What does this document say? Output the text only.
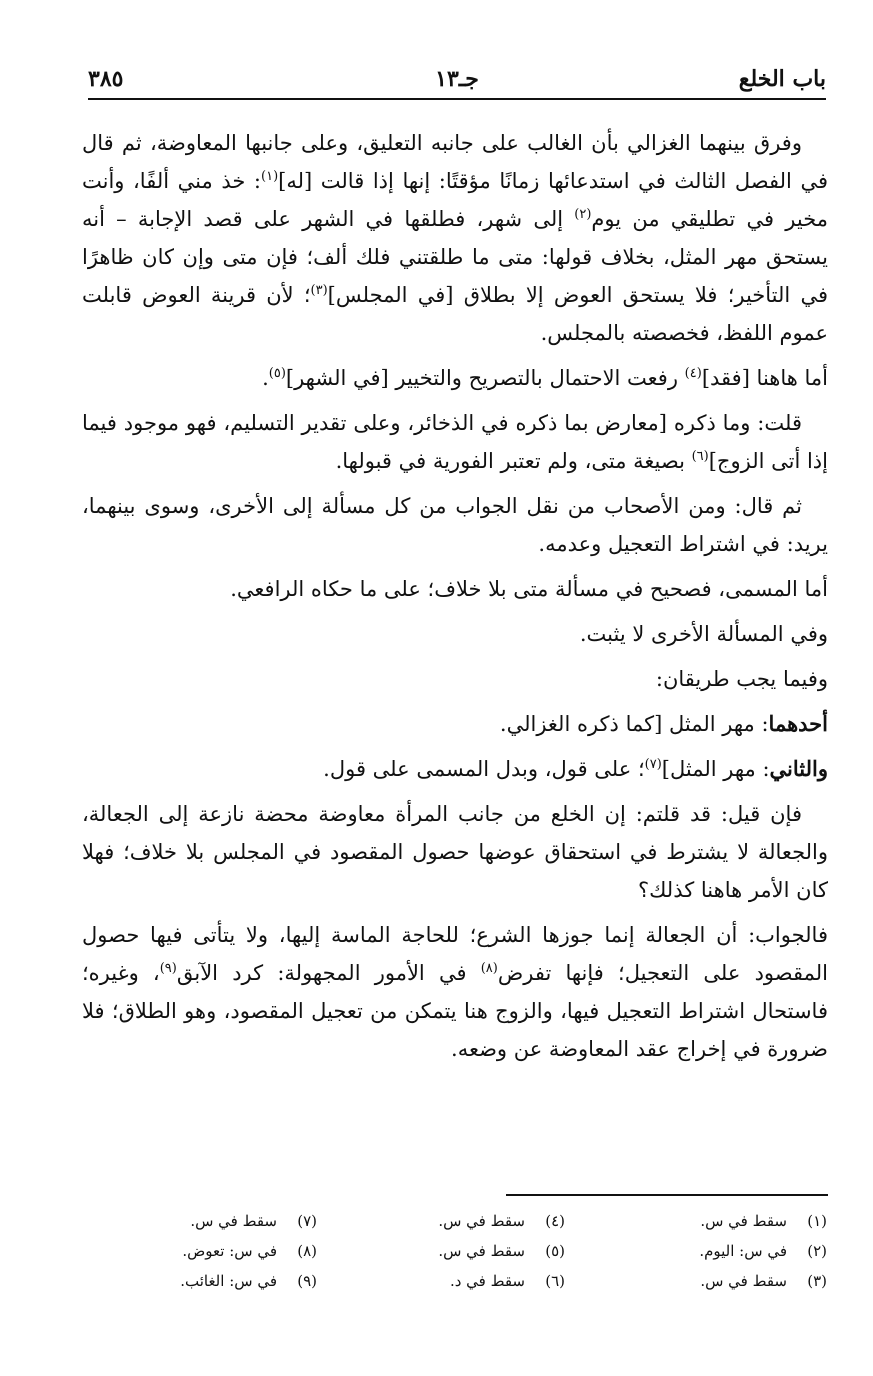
باب الخلع
جـ١٣
٣٨٥

وفرق بينهما الغزالي بأن الغالب على جانبه التعليق، وعلى جانبها المعاوضة، ثم قال في الفصل الثالث في استدعائها زمانًا مؤقتًا: إنها إذا قالت [له]$^{(١)}$: خذ مني ألفًا، وأنت مخير في تطليقي من يوم$^{(٢)}$ إلى شهر، فطلقها في الشهر على قصد الإجابة – أنه يستحق مهر المثل، بخلاف قولها: متى ما طلقتني فلك ألف؛ فإن متى وإن كان ظاهرًا في التأخير؛ فلا يستحق العوض إلا بطلاق [في المجلس]$^{(٣)}$؛ لأن قرينة العوض قابلت عموم اللفظ، فخصصته بالمجلس.

أما هاهنا [فقد]$^{(٤)}$ رفعت الاحتمال بالتصريح والتخيير [في الشهر]$^{(٥)}$.

قلت: وما ذكره [معارض بما ذكره في الذخائر، وعلى تقدير التسليم، فهو موجود فيما إذا أتى الزوج]$^{(٦)}$ بصيغة متى، ولم تعتبر الفورية في قبولها.

ثم قال: ومن الأصحاب من نقل الجواب من كل مسألة إلى الأخرى، وسوى بينهما، يريد: في اشتراط التعجيل وعدمه.

أما المسمى، فصحيح في مسألة متى بلا خلاف؛ على ما حكاه الرافعي.

وفي المسألة الأخرى لا يثبت.

وفيما يجب طريقان:

أحدهما: مهر المثل [كما ذكره الغزالي.

والثاني: مهر المثل]$^{(٧)}$؛ على قول، وبدل المسمى على قول.

فإن قيل: قد قلتم: إن الخلع من جانب المرأة معاوضة محضة نازعة إلى الجعالة، والجعالة لا يشترط في استحقاق عوضها حصول المقصود في المجلس بلا خلاف؛ فهلا كان الأمر هاهنا كذلك؟

فالجواب: أن الجعالة إنما جوزها الشرع؛ للحاجة الماسة إليها، ولا يتأتى فيها حصول المقصود على التعجيل؛ فإنها تفرض$^{(٨)}$ في الأمور المجهولة: كرد الآبق$^{(٩)}$، وغيره؛ فاستحال اشتراط التعجيل فيها، والزوج هنا يتمكن من تعجيل المقصود، وهو الطلاق؛ فلا ضرورة في إخراج عقد المعاوضة عن وضعه.

(١)سقط في س.
(٢)في س: اليوم.
(٣)سقط في س.
(٤)سقط في س.
(٥)سقط في س.
(٦)سقط في د.
(٧)سقط في س.
(٨)في س: تعوض.
(٩)في س: الغائب.
